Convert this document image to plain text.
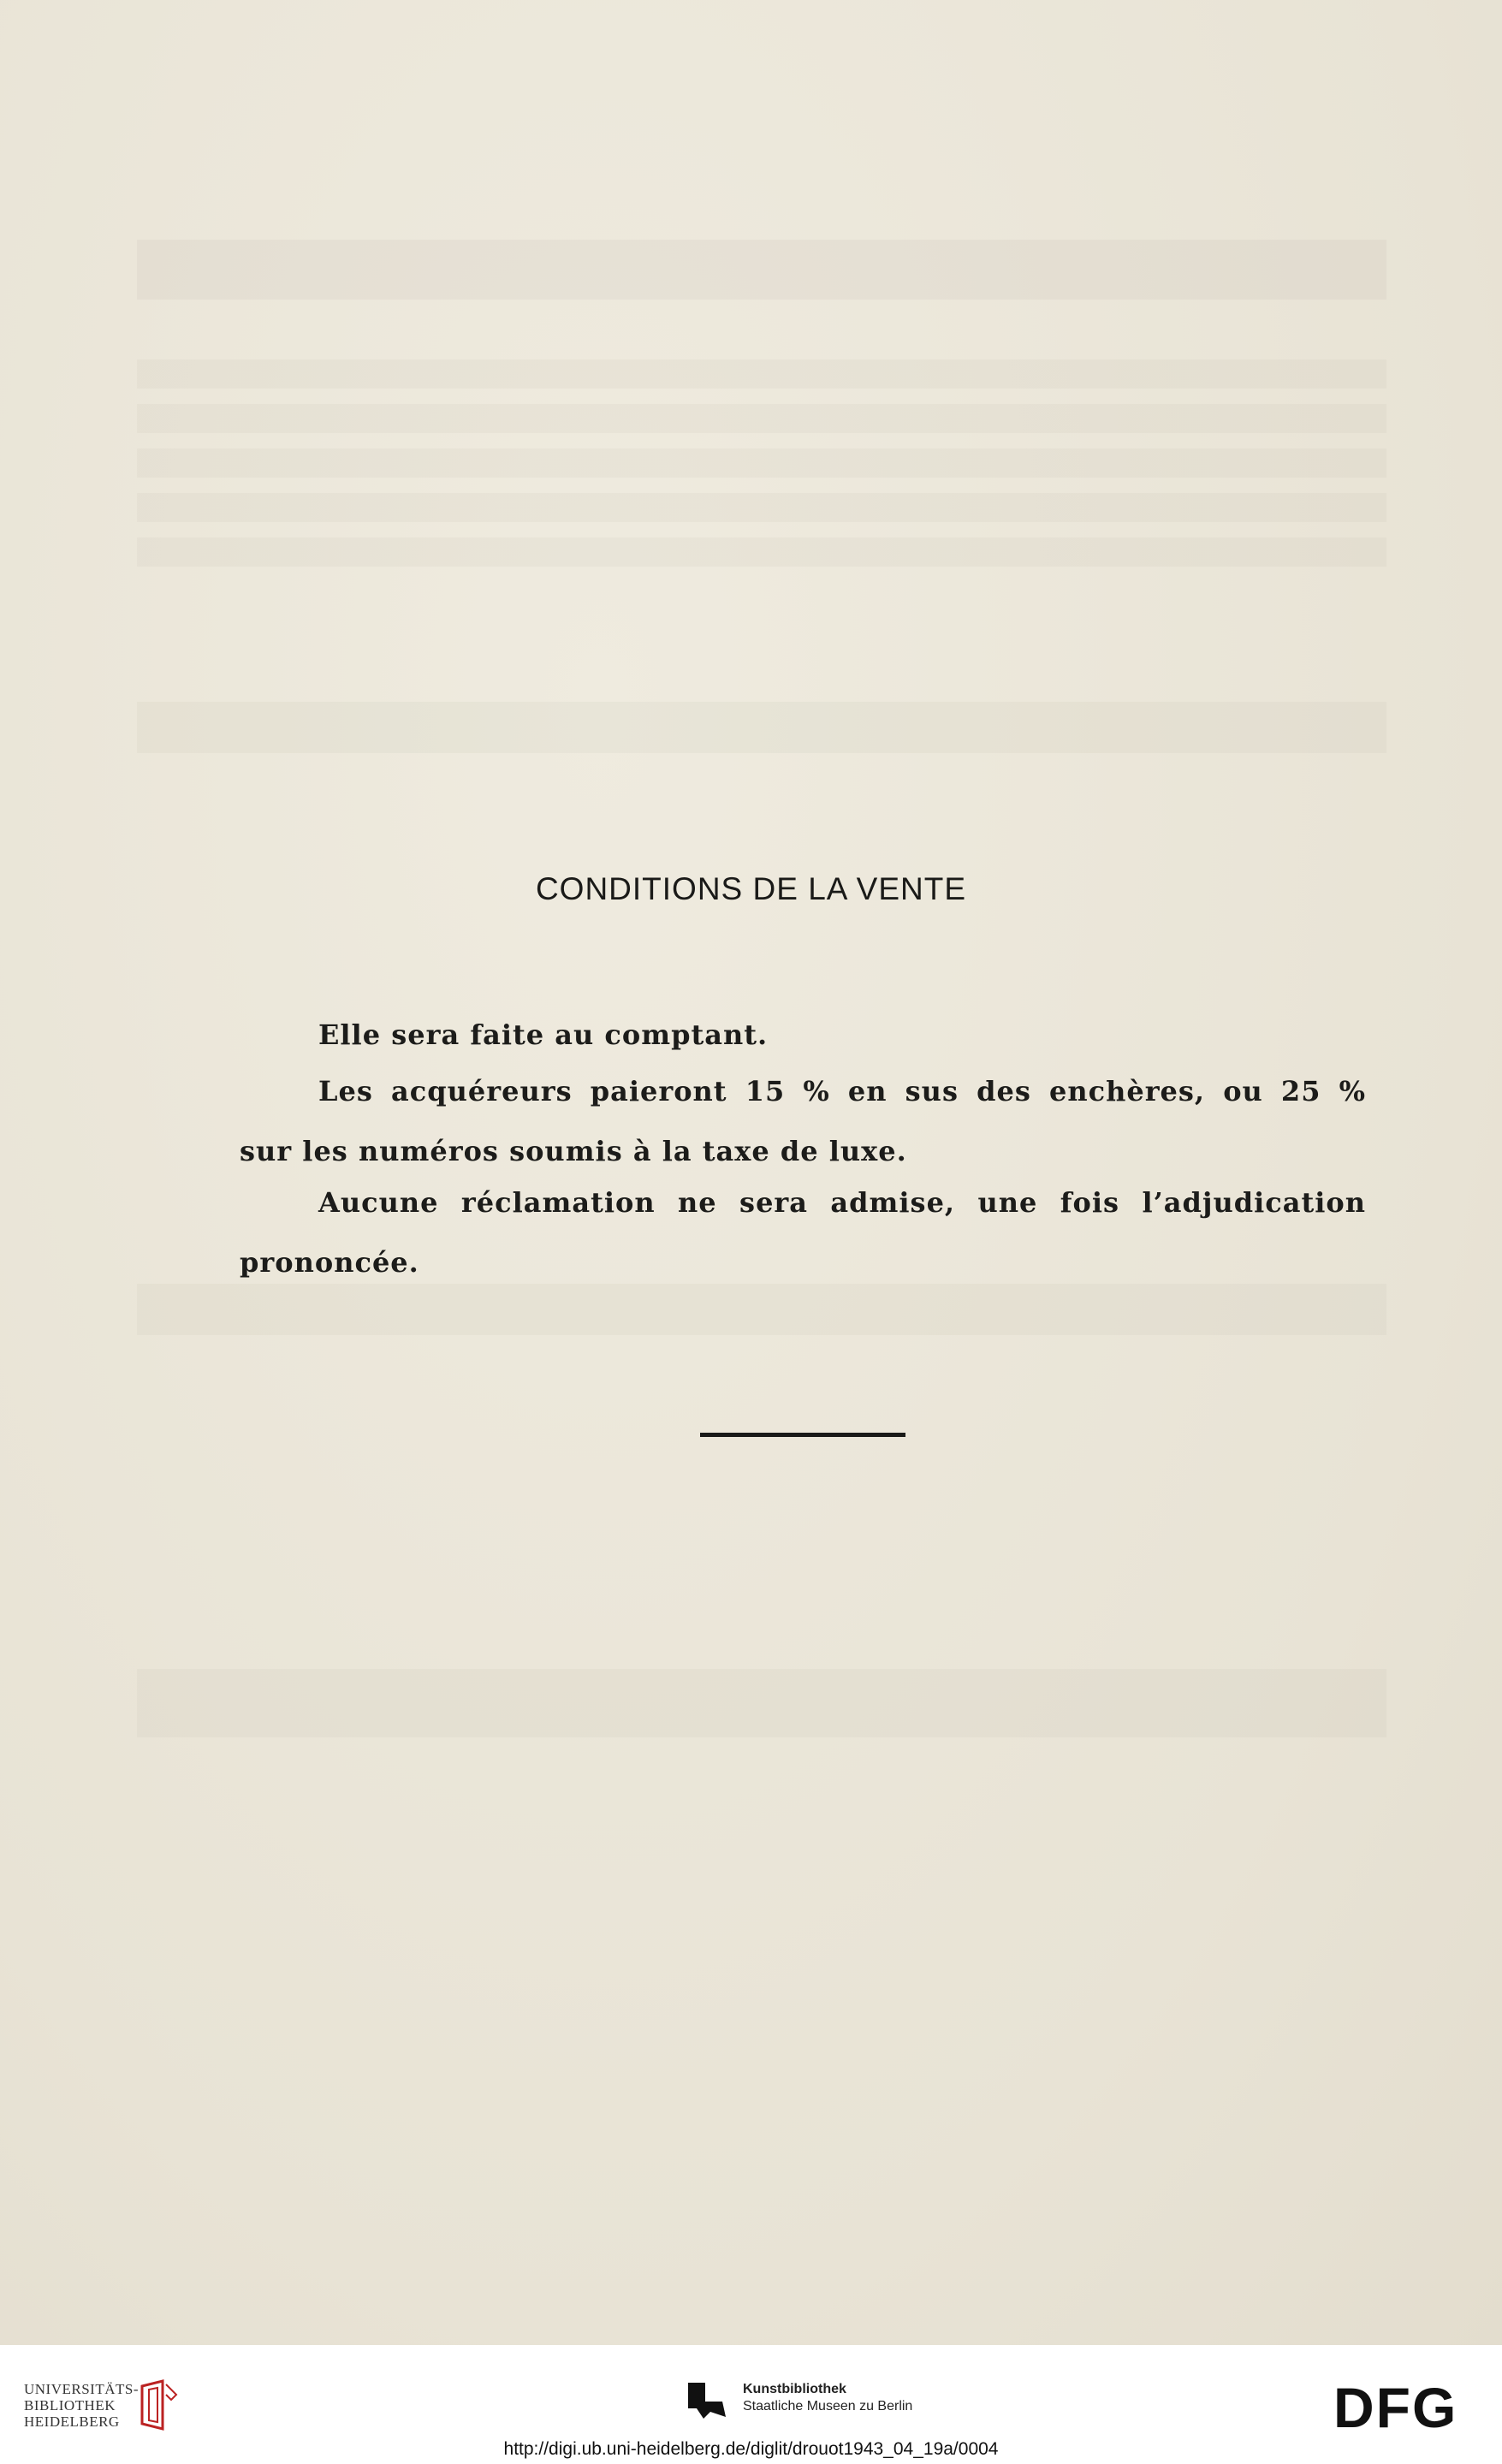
CONDITIONS DE LA VENTE
Elle sera faite au comptant.
Les acquéreurs paieront 15 % en sus des enchères, ou 25 %
sur les numéros soumis à la taxe de luxe.
Aucune réclamation ne sera admise, une fois l’adjudication
prononcée.
UNIVERSITÄTS-
BIBLIOTHEK
HEIDELBERG
Kunstbibliothek
Staatliche Museen zu Berlin	DFG
http://digi.ub.uni-heidelberg.de/diglit/drouot1943_04_19a/0004
